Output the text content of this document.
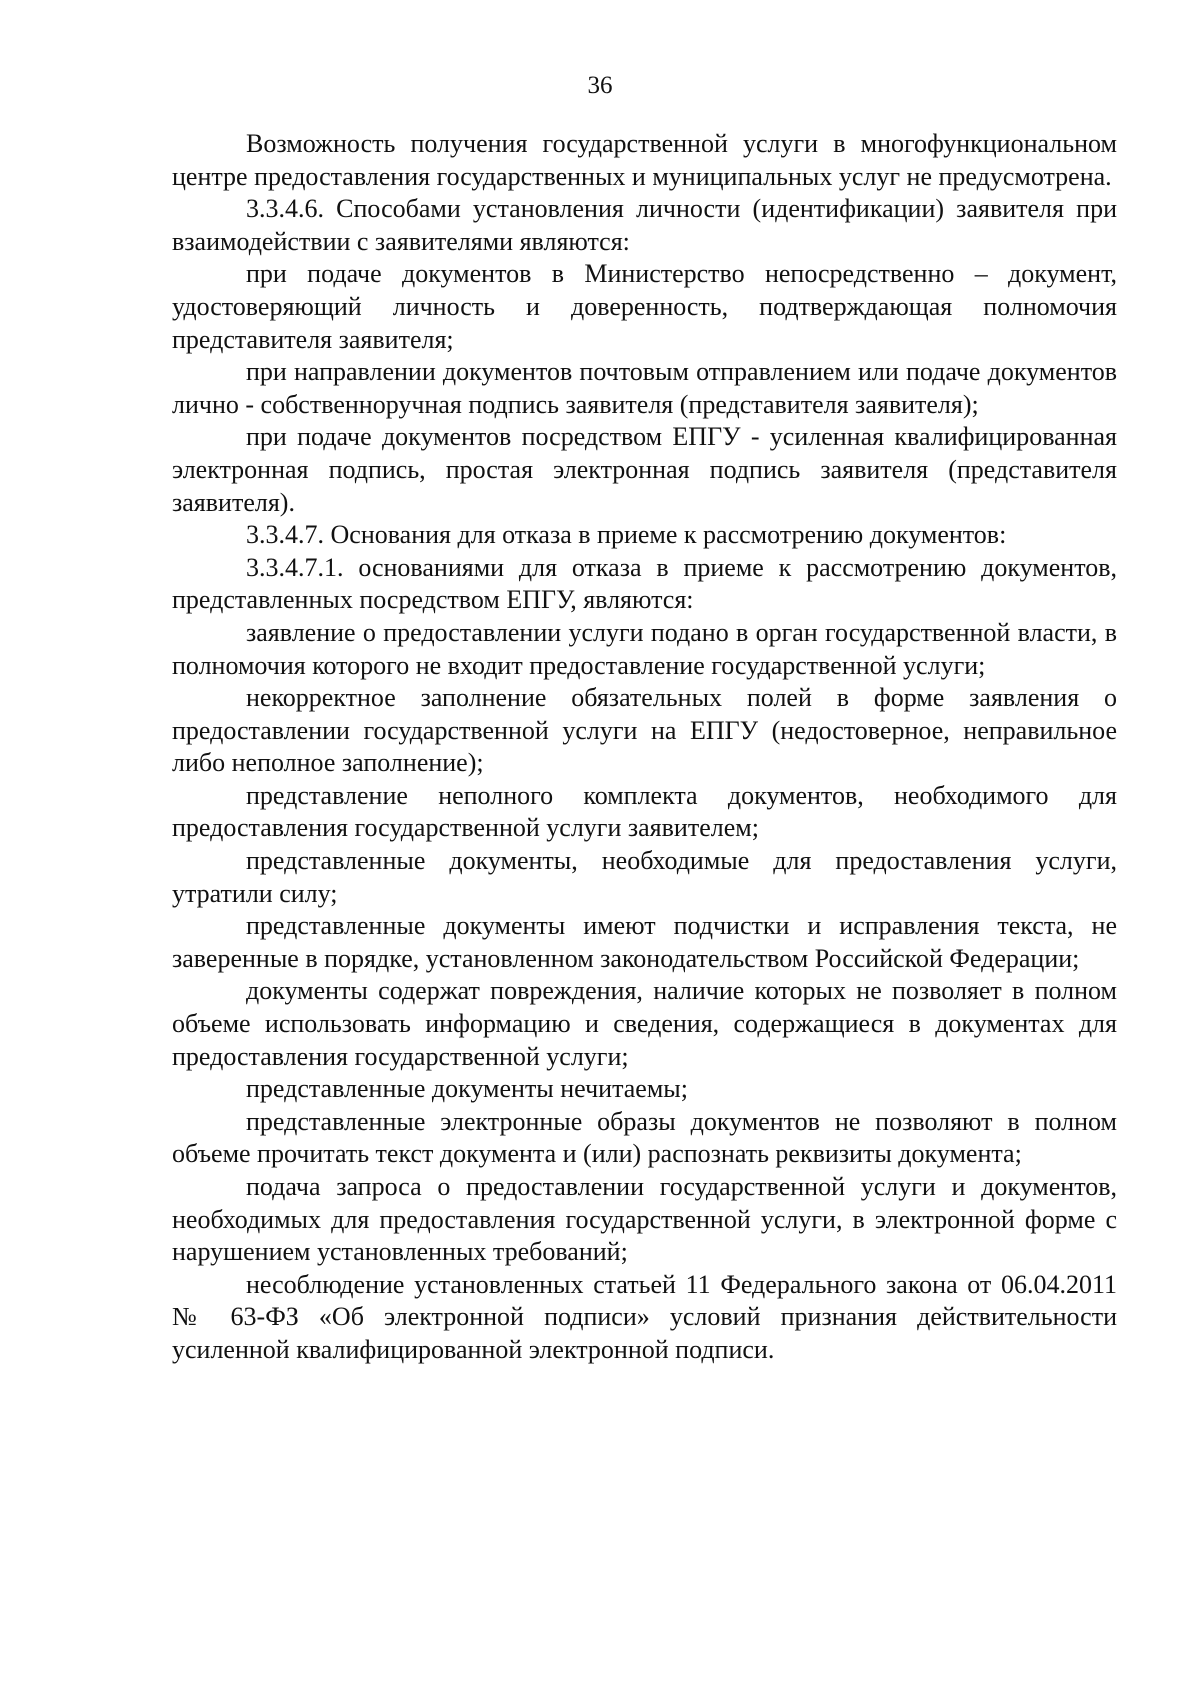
36

Возможность получения государственной услуги в многофункциональном центре предоставления государственных и муниципальных услуг не предусмотрена.

3.3.4.6. Способами установления личности (идентификации) заявителя при взаимодействии с заявителями являются:

при подаче документов в Министерство непосредственно – документ, удостоверяющий личность и доверенность, подтверждающая полномочия представителя заявителя;

при направлении документов почтовым отправлением или подаче документов лично - собственноручная подпись заявителя (представителя заявителя);

при подаче документов посредством ЕПГУ - усиленная квалифицированная электронная подпись, простая электронная подпись заявителя (представителя заявителя).

3.3.4.7. Основания для отказа в приеме к рассмотрению документов:

3.3.4.7.1. основаниями для отказа в приеме к рассмотрению документов, представленных посредством ЕПГУ, являются:

заявление о предоставлении услуги подано в орган государственной власти, в полномочия которого не входит предоставление государственной услуги;

некорректное заполнение обязательных полей в форме заявления о предоставлении государственной услуги на ЕПГУ (недостоверное, неправильное либо неполное заполнение);

представление неполного комплекта документов, необходимого для предоставления государственной услуги заявителем;

представленные документы, необходимые для предоставления услуги, утратили силу;

представленные документы имеют подчистки и исправления текста, не заверенные в порядке, установленном законодательством Российской Федерации;

документы содержат повреждения, наличие которых не позволяет в полном объеме использовать информацию и сведения, содержащиеся в документах для предоставления государственной услуги;

представленные документы нечитаемы;

представленные электронные образы документов не позволяют в полном объеме прочитать текст документа и (или) распознать реквизиты документа;

подача запроса о предоставлении государственной услуги и документов, необходимых для предоставления государственной услуги, в электронной форме с нарушением установленных требований;

несоблюдение установленных статьей 11 Федерального закона от 06.04.2011 № 63-ФЗ «Об электронной подписи» условий признания действительности усиленной квалифицированной электронной подписи.
